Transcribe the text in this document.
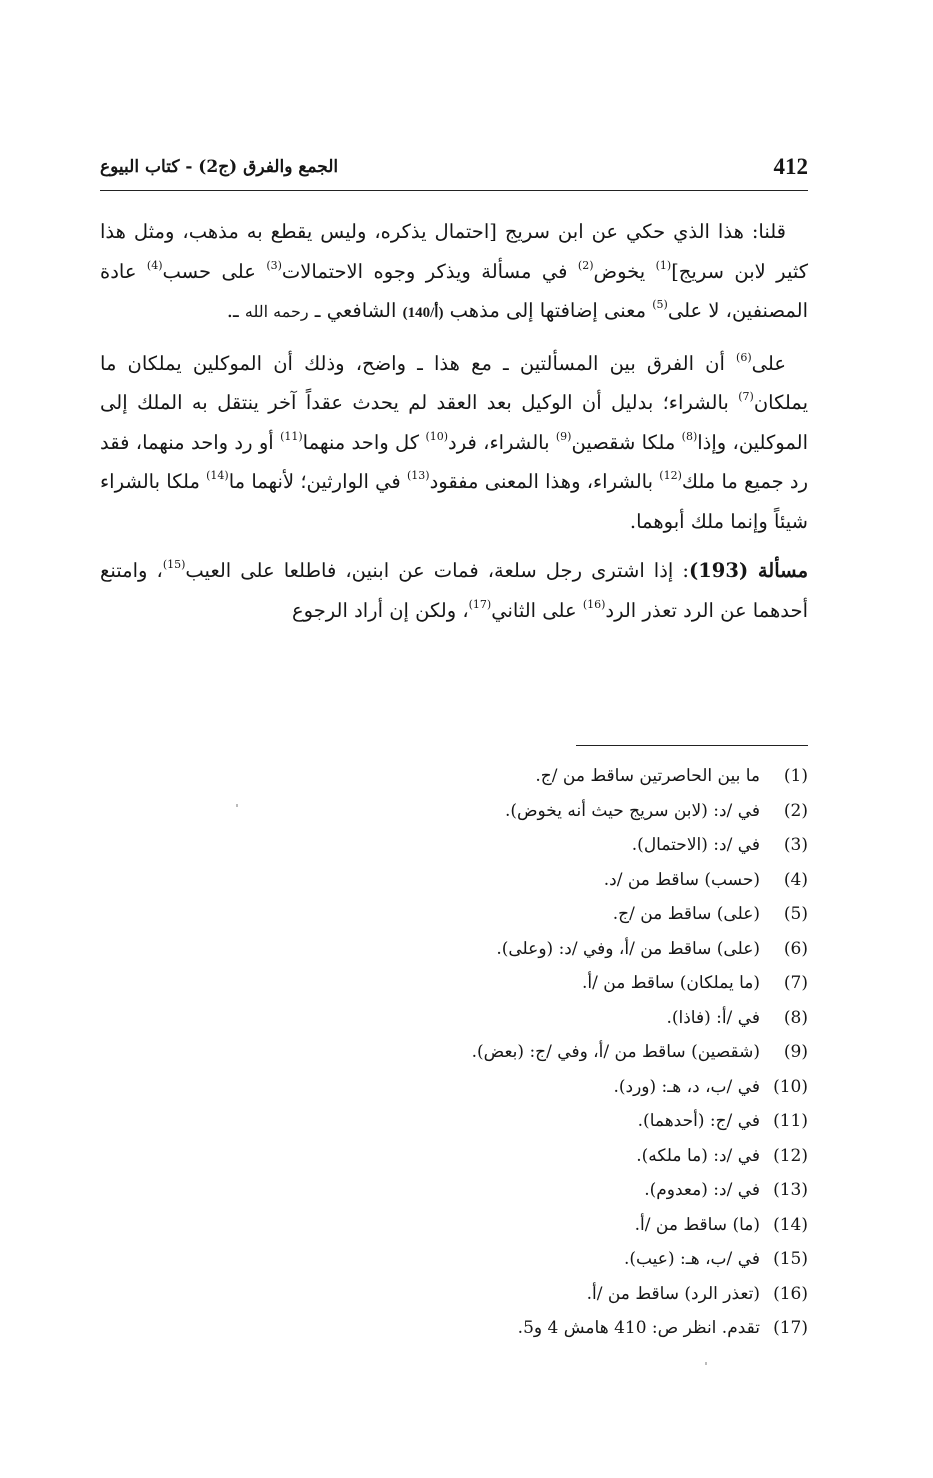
412
الجمع والفرق (ج2) - كتاب البيوع

قلنا: هذا الذي حكي عن ابن سريج [احتمال يذكره، وليس يقطع به مذهب، ومثل هذا كثير لابن سريج]$^{(1)}$ يخوض$^{(2)}$ في مسألة ويذكر وجوه الاحتمالات$^{(3)}$ على حسب$^{(4)}$ عادة المصنفين، لا على$^{(5)}$ معنى إضافتها إلى مذهب (140/أ) الشافعي ـ رحمه الله ـ.

على$^{(6)}$ أن الفرق بين المسألتين ـ مع هذا ـ واضح، وذلك أن الموكلين يملكان ما يملكان$^{(7)}$ بالشراء؛ بدليل أن الوكيل بعد العقد لم يحدث عقداً آخر ينتقل به الملك إلى الموكلين، وإذا$^{(8)}$ ملكا شقصين$^{(9)}$ بالشراء، فرد$^{(10)}$ كل واحد منهما$^{(11)}$ أو رد واحد منهما، فقد رد جميع ما ملك$^{(12)}$ بالشراء، وهذا المعنى مفقود$^{(13)}$ في الوارثين؛ لأنهما ما$^{(14)}$ ملكا بالشراء شيئاً وإنما ملك أبوهما.

مسألة (193): إذا اشترى رجل سلعة، فمات عن ابنين، فاطلعا على العيب$^{(15)}$، وامتنع أحدهما عن الرد تعذر الرد$^{(16)}$ على الثاني$^{(17)}$، ولكن إن أراد الرجوع

(1)
ما بين الحاصرتين ساقط من /ج.
(2)
في /د: (لابن سريج حيث أنه يخوض).
(3)
في /د: (الاحتمال).
(4)
(حسب) ساقط من /د.
(5)
(على) ساقط من /ج.
(6)
(على) ساقط من /أ، وفي /د: (وعلى).
(7)
(ما يملكان) ساقط من /أ.
(8)
في /أ: (فاذا).
(9)
(شقصين) ساقط من /أ، وفي /ج: (بعض).
(10)
في /ب، د، هـ: (ورد).
(11)
في /ج: (أحدهما).
(12)
في /د: (ما ملكه).
(13)
في /د: (معدوم).
(14)
(ما) ساقط من /أ.
(15)
في /ب، هـ: (عيب).
(16)
(تعذر الرد) ساقط من /أ.
(17)
تقدم. انظر ص: 410 هامش 4 و5.
